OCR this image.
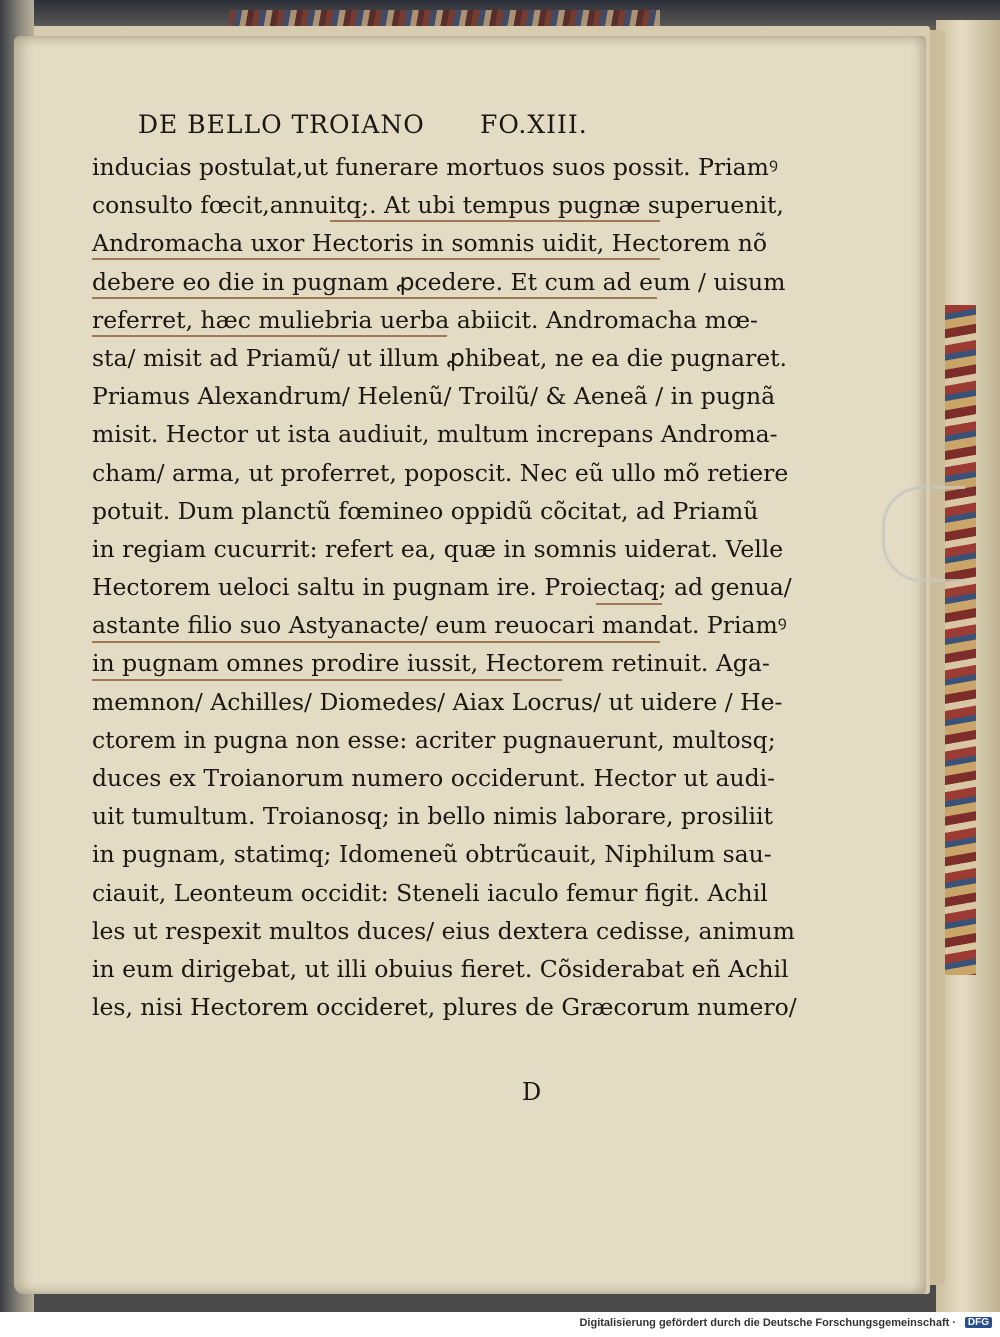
DE BELLO TROIANO FO.XIII.
inducias postulat,ut funerare mortuos suos possit. Priamꝰ
consulto fœcit,annuitq;. At ubi tempus pugnæ superuenit,
Andromacha uxor Hectoris in somnis uidit, Hectorem nõ
debere eo die in pugnam ꝓcedere. Et cum ad eum / uisum
referret, hæc muliebria uerba abiicit. Andromacha mœ-
sta/ misit ad Priamũ/ ut illum ꝓhibeat, ne ea die pugnaret.
Priamus Alexandrum/ Helenũ/ Troilũ/ & Aeneã / in pugnã
misit. Hector ut ista audiuit, multum increpans Androma-
cham/ arma, ut proferret, poposcit. Nec eũ ullo mõ retiere
potuit. Dum planctũ fœmineo oppidũ cõcitat, ad Priamũ
in regiam cucurrit: refert ea, quæ in somnis uiderat. Velle
Hectorem ueloci saltu in pugnam ire. Proiectaq; ad genua/
astante filio suo Astyanacte/ eum reuocari mandat. Priamꝰ
in pugnam omnes prodire iussit, Hectorem retinuit. Aga-
memnon/ Achilles/ Diomedes/ Aiax Locrus/ ut uidere / He-
ctorem in pugna non esse: acriter pugnauerunt, multosq;
duces ex Troianorum numero occiderunt. Hector ut audi-
uit tumultum. Troianosq; in bello nimis laborare, prosiliit
in pugnam, statimq; Idomeneũ obtrũcauit, Niphilum sau-
ciauit, Leonteum occidit: Steneli iaculo femur figit. Achil
les ut respexit multos duces/ eius dextera cedisse, animum
in eum dirigebat, ut illi obuius fieret. Cõsiderabat eñ Achil
les, nisi Hectorem occideret, plures de Græcorum numero/
D
Digitalisierung gefördert durch die Deutsche Forschungsgemeinschaft ·	DFG
